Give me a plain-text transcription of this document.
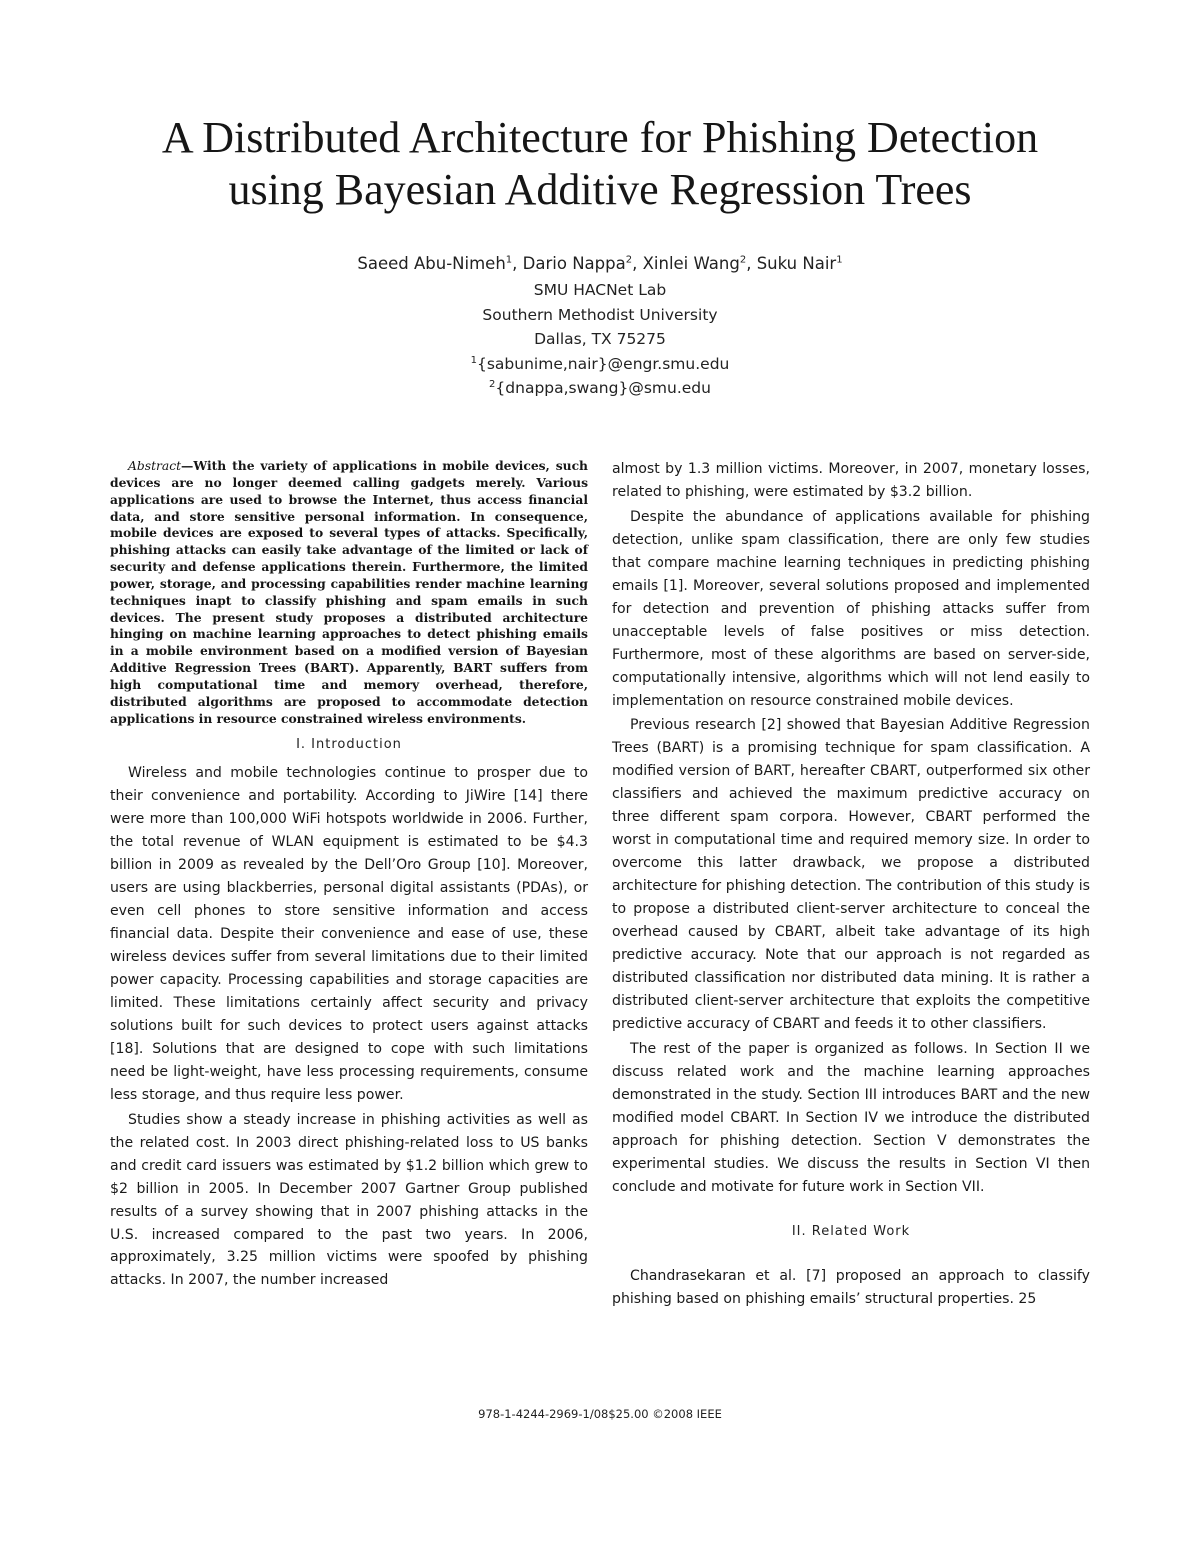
A Distributed Architecture for Phishing Detection
using Bayesian Additive Regression Trees
Saeed Abu-Nimeh$^1$, Dario Nappa$^2$, Xinlei Wang$^2$, Suku Nair$^1$
SMU HACNet Lab
Southern Methodist University
Dallas, TX 75275
$^1${sabunime,nair}@engr.smu.edu
$^2${dnappa,swang}@smu.edu

Abstract—With the variety of applications in mobile devices, such devices are no longer deemed calling gadgets merely. Various applications are used to browse the Internet, thus access financial data, and store sensitive personal information. In consequence, mobile devices are exposed to several types of attacks. Specifically, phishing attacks can easily take advantage of the limited or lack of security and defense applications therein. Furthermore, the limited power, storage, and processing capabilities render machine learning techniques inapt to classify phishing and spam emails in such devices. The present study proposes a distributed architecture hinging on machine learning approaches to detect phishing emails in a mobile environment based on a modified version of Bayesian Additive Regression Trees (BART). Apparently, BART suffers from high computational time and memory overhead, therefore, distributed algorithms are proposed to accommodate detection applications in resource constrained wireless environments.

I. Introduction

Wireless and mobile technologies continue to prosper due to their convenience and portability. According to JiWire [14] there were more than 100,000 WiFi hotspots worldwide in 2006. Further, the total revenue of WLAN equipment is estimated to be $4.3 billion in 2009 as revealed by the Dell’Oro Group [10]. Moreover, users are using blackberries, personal digital assistants (PDAs), or even cell phones to store sensitive information and access financial data. Despite their convenience and ease of use, these wireless devices suffer from several limitations due to their limited power capacity. Processing capabilities and storage capacities are limited. These limitations certainly affect security and privacy solutions built for such devices to protect users against attacks [18]. Solutions that are designed to cope with such limitations need be light-weight, have less processing requirements, consume less storage, and thus require less power.

Studies show a steady increase in phishing activities as well as the related cost. In 2003 direct phishing-related loss to US banks and credit card issuers was estimated by $1.2 billion which grew to $2 billion in 2005. In December 2007 Gartner Group published results of a survey showing that in 2007 phishing attacks in the U.S. increased compared to the past two years. In 2006, approximately, 3.25 million victims were spoofed by phishing attacks. In 2007, the number increased

almost by 1.3 million victims. Moreover, in 2007, monetary losses, related to phishing, were estimated by $3.2 billion.

Despite the abundance of applications available for phishing detection, unlike spam classification, there are only few studies that compare machine learning techniques in predicting phishing emails [1]. Moreover, several solutions proposed and implemented for detection and prevention of phishing attacks suffer from unacceptable levels of false positives or miss detection. Furthermore, most of these algorithms are based on server-side, computationally intensive, algorithms which will not lend easily to implementation on resource constrained mobile devices.

Previous research [2] showed that Bayesian Additive Regression Trees (BART) is a promising technique for spam classification. A modified version of BART, hereafter CBART, outperformed six other classifiers and achieved the maximum predictive accuracy on three different spam corpora. However, CBART performed the worst in computational time and required memory size. In order to overcome this latter drawback, we propose a distributed architecture for phishing detection. The contribution of this study is to propose a distributed client-server architecture to conceal the overhead caused by CBART, albeit take advantage of its high predictive accuracy. Note that our approach is not regarded as distributed classification nor distributed data mining. It is rather a distributed client-server architecture that exploits the competitive predictive accuracy of CBART and feeds it to other classifiers.

The rest of the paper is organized as follows. In Section II we discuss related work and the machine learning approaches demonstrated in the study. Section III introduces BART and the new modified model CBART. In Section IV we introduce the distributed approach for phishing detection. Section V demonstrates the experimental studies. We discuss the results in Section VI then conclude and motivate for future work in Section VII.

II. Related Work

Chandrasekaran et al. [7] proposed an approach to classify phishing based on phishing emails’ structural properties. 25

978-1-4244-2969-1/08$25.00 ©2008 IEEE
